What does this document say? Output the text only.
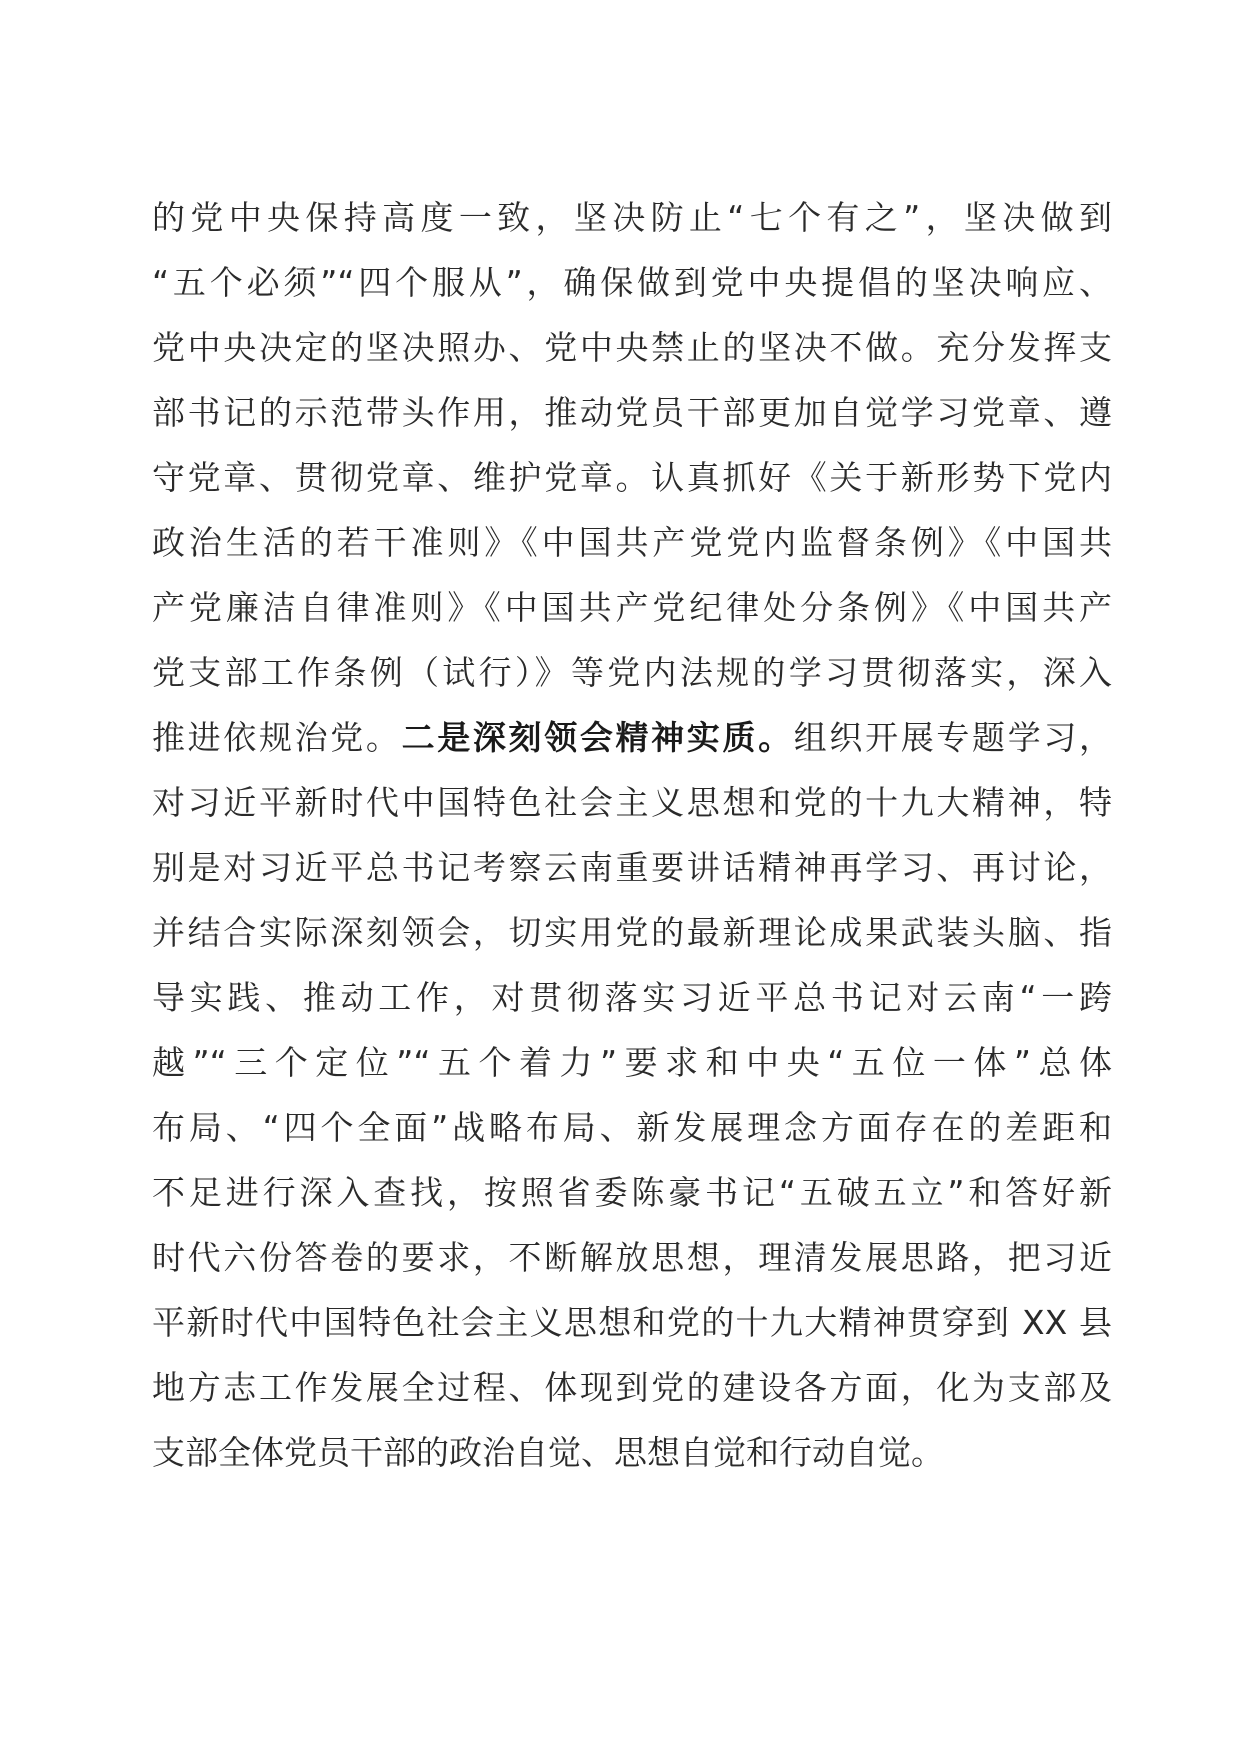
的党中央保持高度一致，坚决防止“七个有之”，坚决做到
“五个必须”“四个服从”，确保做到党中央提倡的坚决响应、
党中央决定的坚决照办、党中央禁止的坚决不做。充分发挥支
部书记的示范带头作用，推动党员干部更加自觉学习党章、遵
守党章、贯彻党章、维护党章。认真抓好《关于新形势下党内
政治生活的若干准则》《中国共产党党内监督条例》《中国共
产党廉洁自律准则》《中国共产党纪律处分条例》《中国共产
党支部工作条例（试行）》等党内法规的学习贯彻落实，深入
推进依规治党。二是深刻领会精神实质。组织开展专题学习，
对习近平新时代中国特色社会主义思想和党的十九大精神，特
别是对习近平总书记考察云南重要讲话精神再学习、再讨论，
并结合实际深刻领会，切实用党的最新理论成果武装头脑、指
导实践、推动工作，对贯彻落实习近平总书记对云南“一跨
越”“三个定位”“五个着力”要求和中央“五位一体”总体
布局、“四个全面”战略布局、新发展理念方面存在的差距和
不足进行深入查找，按照省委陈豪书记“五破五立”和答好新
时代六份答卷的要求，不断解放思想，理清发展思路，把习近
平新时代中国特色社会主义思想和党的十九大精神贯穿到 XX 县
地方志工作发展全过程、体现到党的建设各方面，化为支部及
支部全体党员干部的政治自觉、思想自觉和行动自觉。
